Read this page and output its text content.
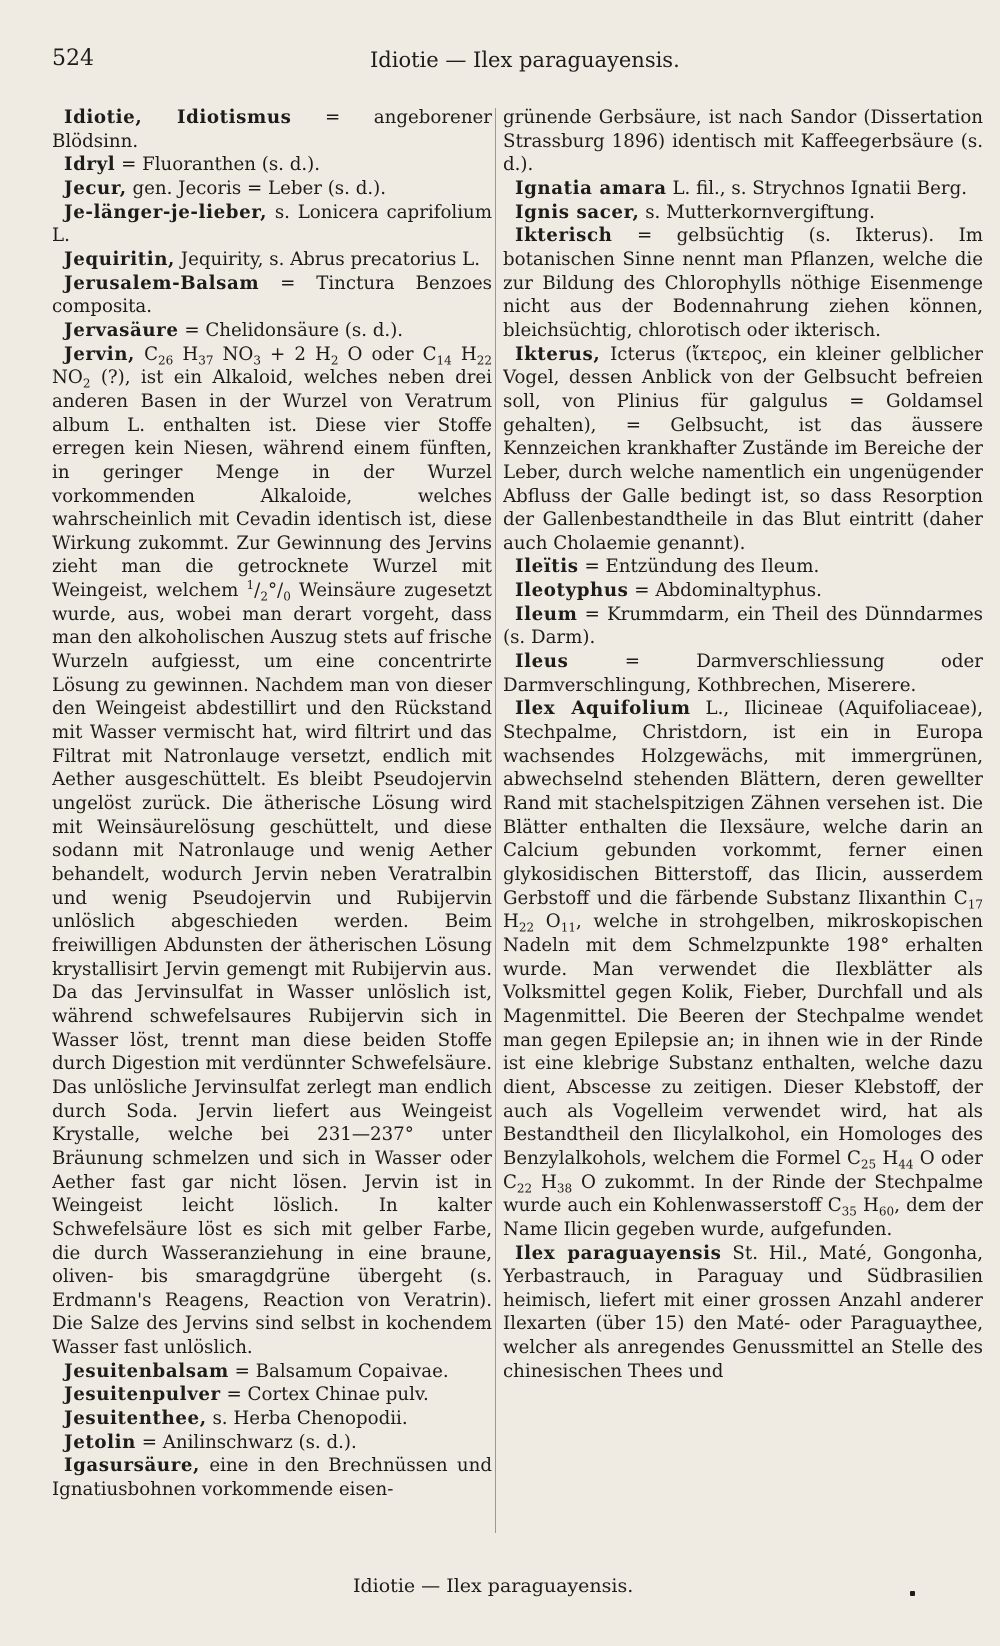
524	Idiotie — Ilex paraguayensis.

Idiotie, Idiotismus = angeborener Blödsinn.

Idryl = Fluoranthen (s. d.).

Jecur, gen. Jecoris = Leber (s. d.).

Je-länger-je-lieber, s. Lonicera caprifolium L.

Jequiritin, Jequirity, s. Abrus precatorius L.

Jerusalem-Balsam = Tinctura Benzoes composita.

Jervasäure = Chelidonsäure (s. d.).

Jervin, $C_{26}$ $H_{37}$ $NO_3 + 2$ $H_2$ O oder $C_{14}$ $H_{22}$ $NO_2$ (?), ist ein Alkaloid, welches neben drei anderen Basen in der Wurzel von Veratrum album L. enthalten ist. Diese vier Stoffe erregen kein Niesen, während einem fünften, in geringer Menge in der Wurzel vorkommenden Alkaloide, welches wahrscheinlich mit Cevadin identisch ist, diese Wirkung zukommt. Zur Gewinnung des Jervins zieht man die getrocknete Wurzel mit Weingeist, welchem $^1/_2^\circ/_0$ Weinsäure zugesetzt wurde, aus, wobei man derart vorgeht, dass man den alkoholischen Auszug stets auf frische Wurzeln aufgiesst, um eine concentrirte Lösung zu gewinnen. Nachdem man von dieser den Weingeist abdestillirt und den Rückstand mit Wasser vermischt hat, wird filtrirt und das Filtrat mit Natronlauge versetzt, endlich mit Aether ausgeschüttelt. Es bleibt Pseudojervin ungelöst zurück. Die ätherische Lösung wird mit Weinsäurelösung geschüttelt, und diese sodann mit Natronlauge und wenig Aether behandelt, wodurch Jervin neben Veratralbin und wenig Pseudojervin und Rubijervin unlöslich abgeschieden werden. Beim freiwilligen Abdunsten der ätherischen Lösung krystallisirt Jervin gemengt mit Rubijervin aus. Da das Jervinsulfat in Wasser unlöslich ist, während schwefelsaures Rubijervin sich in Wasser löst, trennt man diese beiden Stoffe durch Digestion mit verdünnter Schwefelsäure. Das unlösliche Jervinsulfat zerlegt man endlich durch Soda. Jervin liefert aus Weingeist Krystalle, welche bei 231—237° unter Bräunung schmelzen und sich in Wasser oder Aether fast gar nicht lösen. Jervin ist in Weingeist leicht löslich. In kalter Schwefelsäure löst es sich mit gelber Farbe, die durch Wasseranziehung in eine braune, oliven- bis smaragdgrüne übergeht (s. Erdmann's Reagens, Reaction von Veratrin). Die Salze des Jervins sind selbst in kochendem Wasser fast unlöslich.

Jesuitenbalsam = Balsamum Copaivae.

Jesuitenpulver = Cortex Chinae pulv.

Jesuitenthee, s. Herba Chenopodii.

Jetolin = Anilinschwarz (s. d.).

Igasursäure, eine in den Brechnüssen und Ignatiusbohnen vorkommende eisen-

grünende Gerbsäure, ist nach Sandor (Dissertation Strassburg 1896) identisch mit Kaffeegerbsäure (s. d.).

Ignatia amara L. fil., s. Strychnos Ignatii Berg.

Ignis sacer, s. Mutterkornvergiftung.

Ikterisch = gelbsüchtig (s. Ikterus). Im botanischen Sinne nennt man Pflanzen, welche die zur Bildung des Chlorophylls nöthige Eisenmenge nicht aus der Bodennahrung ziehen können, bleichsüchtig, chlorotisch oder ikterisch.

Ikterus, Icterus (ἴκτερος, ein kleiner gelblicher Vogel, dessen Anblick von der Gelbsucht befreien soll, von Plinius für galgulus = Goldamsel gehalten), = Gelbsucht, ist das äussere Kennzeichen krankhafter Zustände im Bereiche der Leber, durch welche namentlich ein ungenügender Abfluss der Galle bedingt ist, so dass Resorption der Gallenbestandtheile in das Blut eintritt (daher auch Cholaemie genannt).

Ileïtis = Entzündung des Ileum.

Ileotyphus = Abdominaltyphus.

Ileum = Krummdarm, ein Theil des Dünndarmes (s. Darm).

Ileus	= Darmverschliessung oder Darmverschlingung, Kothbrechen, Miserere.

Ilex Aquifolium L., Ilicineae (Aquifoliaceae), Stechpalme, Christdorn, ist ein in Europa wachsendes Holzgewächs, mit immergrünen, abwechselnd stehenden Blättern, deren gewellter Rand mit stachelspitzigen Zähnen versehen ist. Die Blätter enthalten die Ilexsäure, welche darin an Calcium gebunden vorkommt, ferner einen glykosidischen Bitterstoff, das Ilicin, ausserdem Gerbstoff und die färbende Substanz Ilixanthin $C_{17}$ $H_{22}$ $O_{11}$, welche in strohgelben, mikroskopischen Nadeln mit dem Schmelzpunkte 198° erhalten wurde. Man verwendet die Ilexblätter als Volksmittel gegen Kolik, Fieber, Durchfall und als Magenmittel. Die Beeren der Stechpalme wendet man gegen Epilepsie an; in ihnen wie in der Rinde ist eine klebrige Substanz enthalten, welche dazu dient, Abscesse zu zeitigen. Dieser Klebstoff, der auch als Vogelleim verwendet wird, hat als Bestandtheil den Ilicylalkohol, ein Homologes des Benzylalkohols, welchem die Formel $C_{25}$ $H_{44}$ O oder $C_{22}$ $H_{38}$ O zukommt. In der Rinde der Stechpalme wurde auch ein Kohlenwasserstoff $C_{35}$ $H_{60}$, dem der Name Ilicin gegeben wurde, aufgefunden.

Ilex paraguayensis St. Hil., Maté, Gongonha, Yerbastrauch, in Paraguay und Südbrasilien heimisch, liefert mit einer grossen Anzahl anderer Ilexarten (über 15) den Maté- oder Paraguaythee, welcher als anregendes Genussmittel an Stelle des chinesischen Thees und

Idiotie — Ilex paraguayensis.
